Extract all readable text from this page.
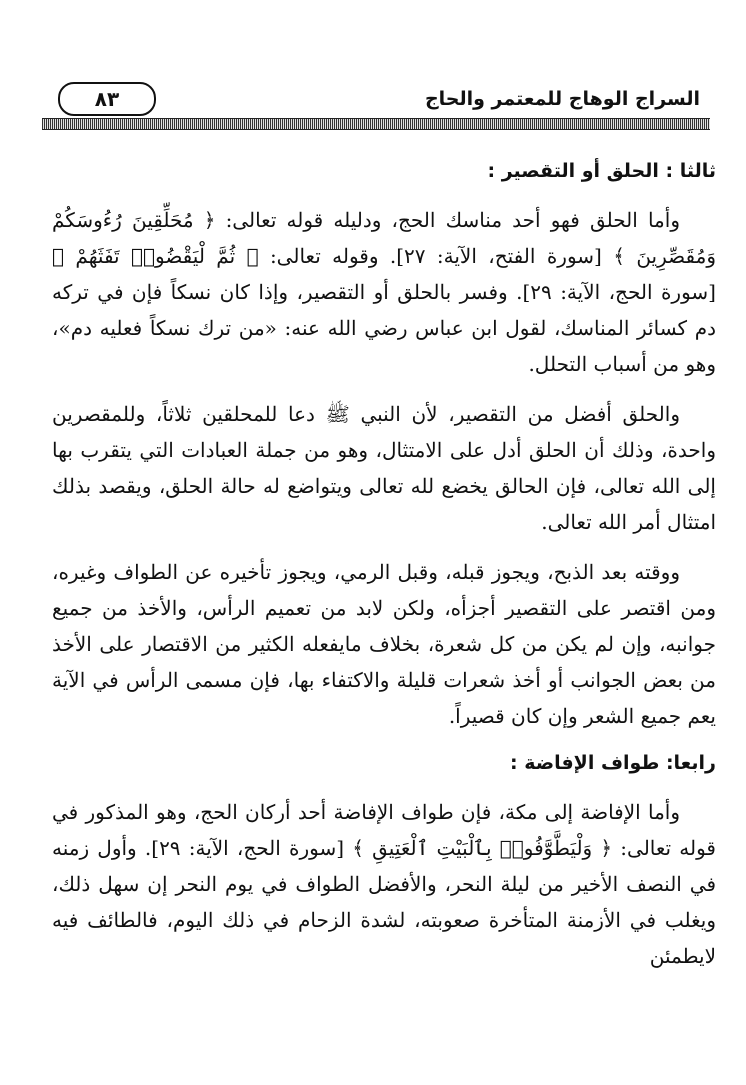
السراج الوهاج للمعتمر والحاج
٨٣
ثالثا : الحلق أو التقصير :

وأما الحلق فهو أحد مناسك الحج، ودليله قوله تعالى: ﴿ مُحَلِّقِينَ رُءُوسَكُمْ وَمُقَصِّرِينَ ﴾ [سورة الفتح، الآية: ٢٧]. وقوله تعالى: ﴿ ثُمَّ لْيَقْضُوا۟ تَفَثَهُمْ ﴾ [سورة الحج، الآية: ٢٩]. وفسر بالحلق أو التقصير، وإذا كان نسكاً فإن في تركه دم كسائر المناسك، لقول ابن عباس رضي الله عنه: «من ترك نسكاً فعليه دم»، وهو من أسباب التحلل.

والحلق أفضل من التقصير، لأن النبي ﷺ دعا للمحلقين ثلاثاً، وللمقصرين واحدة، وذلك أن الحلق أدل على الامتثال، وهو من جملة العبادات التي يتقرب بها إلى الله تعالى، فإن الحالق يخضع لله تعالى ويتواضع له حالة الحلق، ويقصد بذلك امتثال أمر الله تعالى.

ووقته بعد الذبح، ويجوز قبله، وقبل الرمي، ويجوز تأخيره عن الطواف وغيره، ومن اقتصر على التقصير أجزأه، ولكن لابد من تعميم الرأس، والأخذ من جميع جوانبه، وإن لم يكن من كل شعرة، بخلاف مايفعله الكثير من الاقتصار على الأخذ من بعض الجوانب أو أخذ شعرات قليلة والاكتفاء بها، فإن مسمى الرأس في الآية يعم جميع الشعر وإن كان قصيراً.

رابعا: طواف الإفاضة :

وأما الإفاضة إلى مكة، فإن طواف الإفاضة أحد أركان الحج، وهو المذكور في قوله تعالى: ﴿ وَلْيَطَّوَّفُوا۟ بِٱلْبَيْتِ ٱلْعَتِيقِ ﴾ [سورة الحج، الآية: ٢٩]. وأول زمنه في النصف الأخير من ليلة النحر، والأفضل الطواف في يوم النحر إن سهل ذلك، ويغلب في الأزمنة المتأخرة صعوبته، لشدة الزحام في ذلك اليوم، فالطائف فيه لايطمئن
